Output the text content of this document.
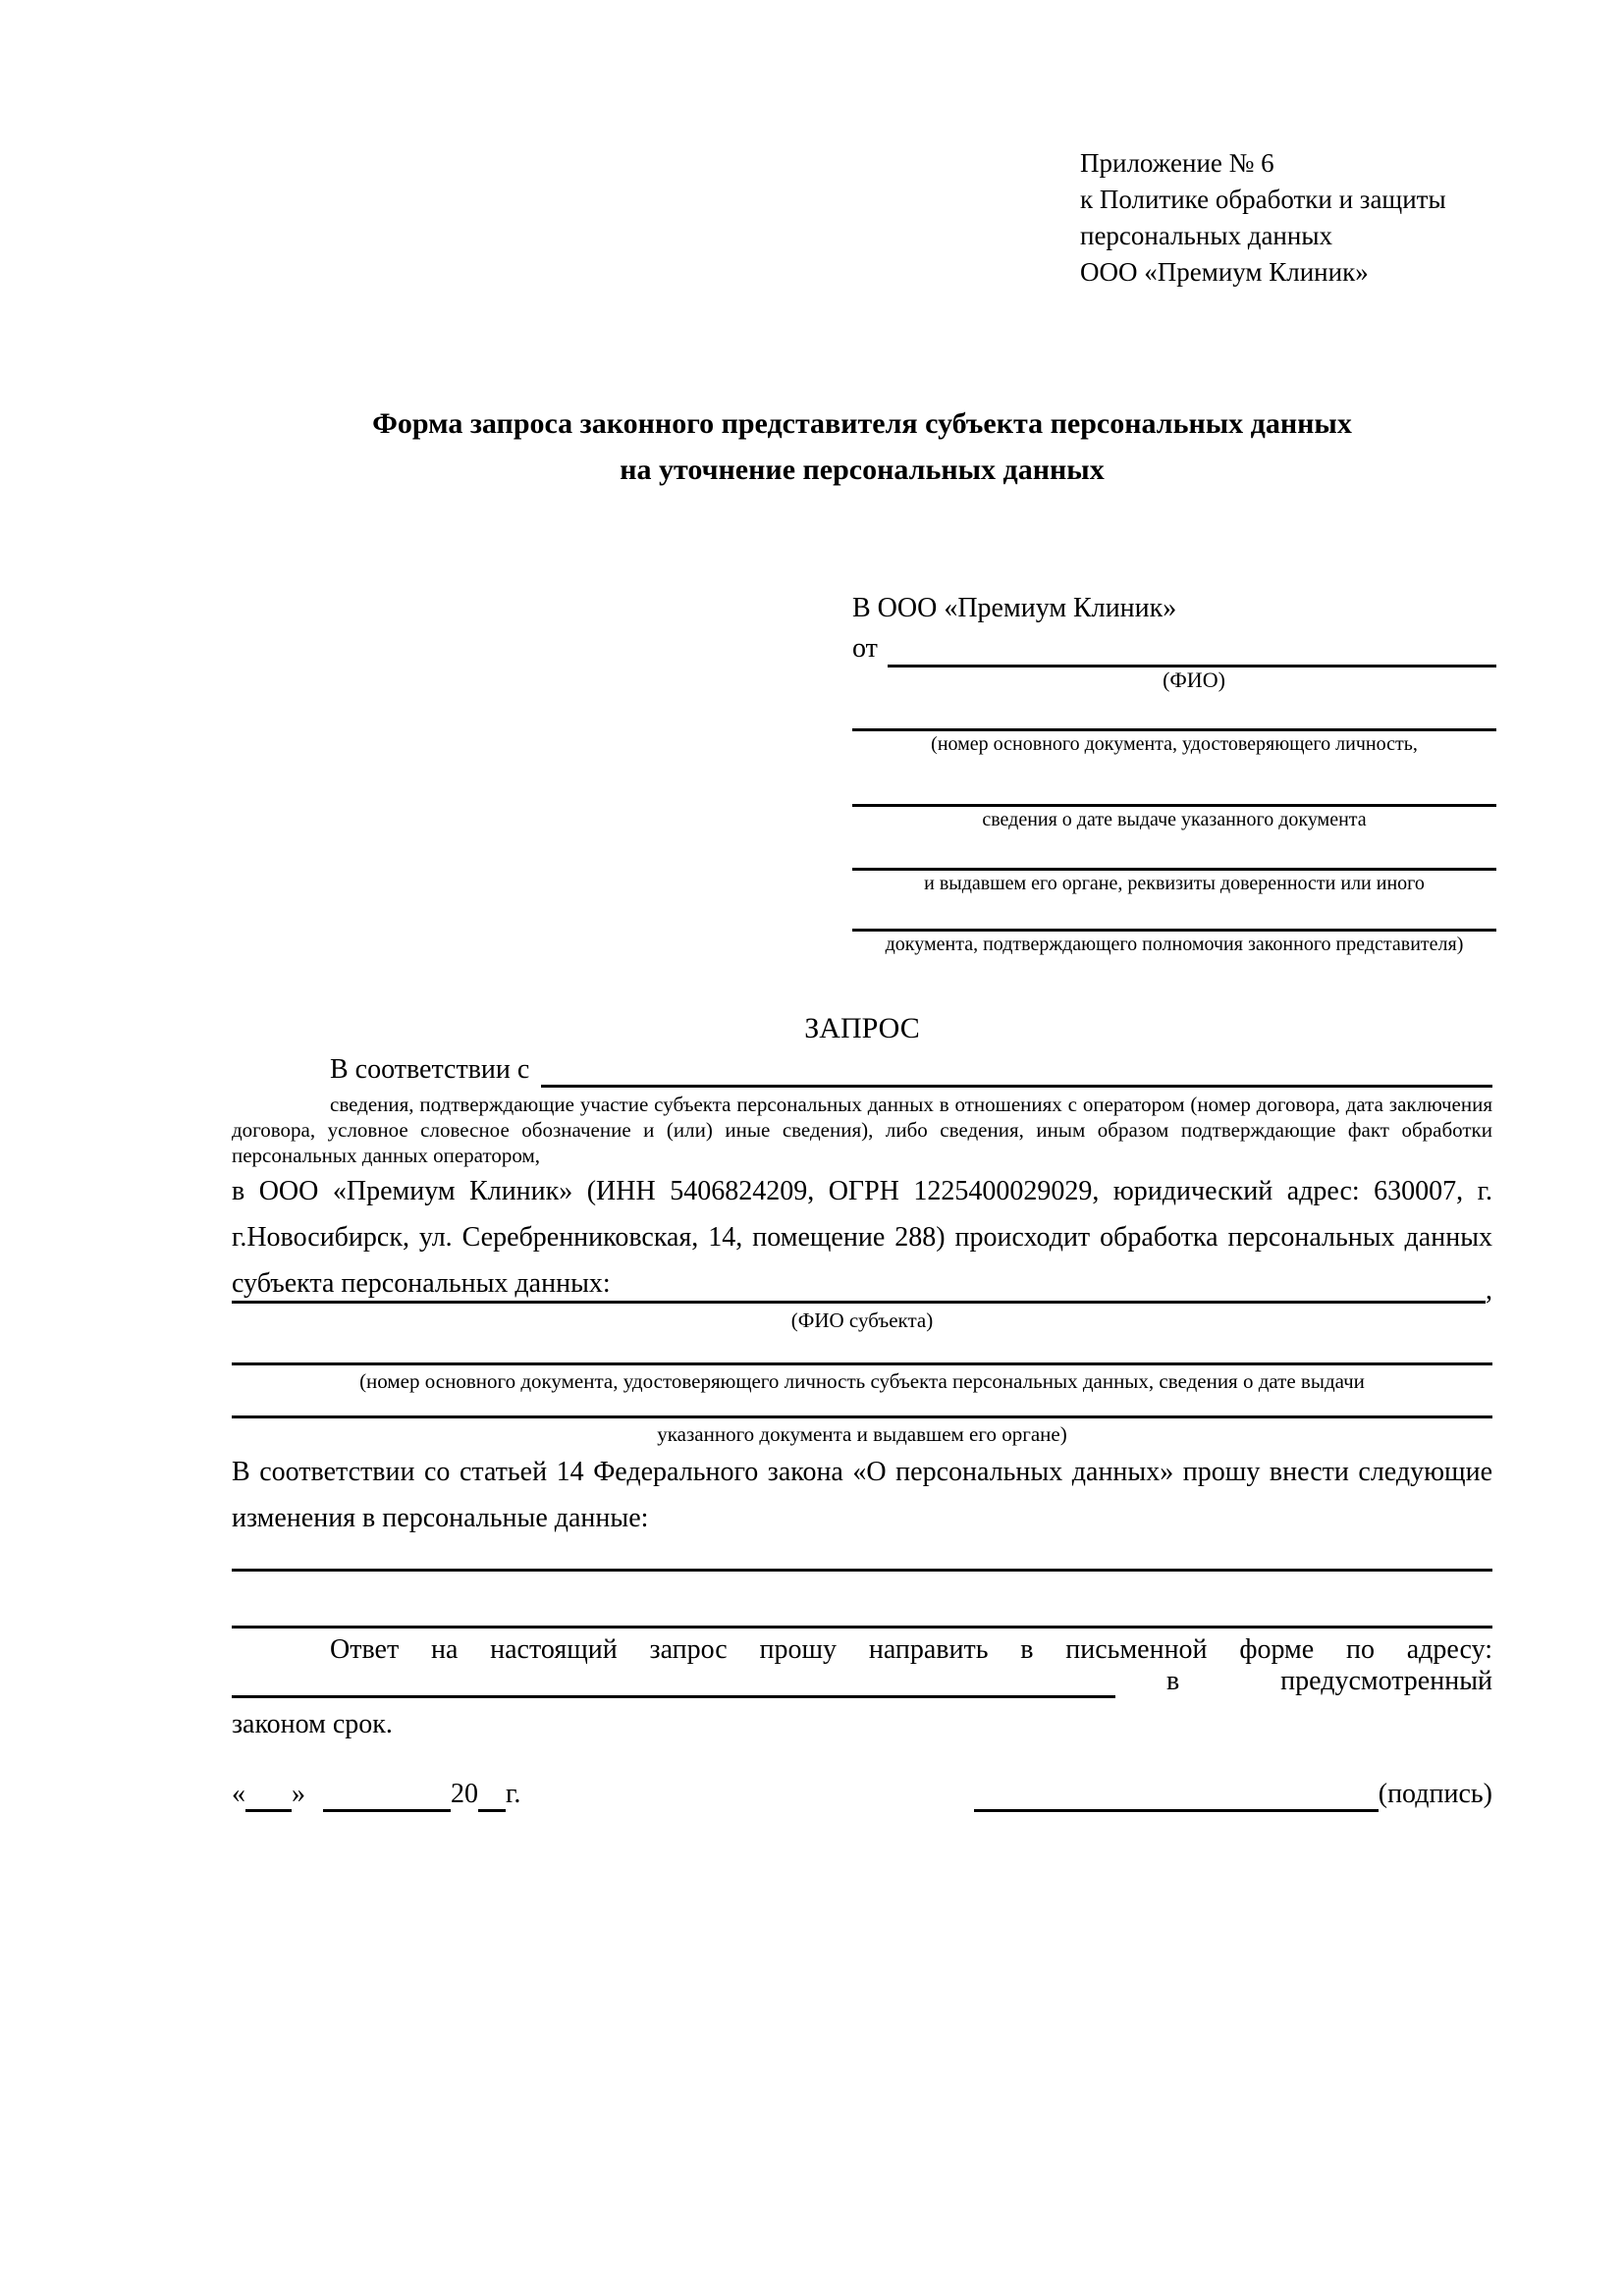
Приложение № 6
к Политике обработки и защиты
персональных данных
ООО «Премиум Клиник»
Форма запроса законного представителя субъекта персональных данных
на уточнение персональных данных
В ООО «Премиум Клиник»
от
(ФИО)
(номер основного документа, удостоверяющего личность,
сведения о дате выдаче указанного документа
и выдавшем его органе, реквизиты доверенности или иного
документа, подтверждающего полномочия законного представителя)
ЗАПРОС
В соответствии с
сведения, подтверждающие участие субъекта персональных данных в отношениях с оператором (номер договора, дата заключения договора, условное словесное обозначение и (или) иные сведения), либо сведения, иным образом подтверждающие факт обработки персональных данных оператором,
в ООО «Премиум Клиник» (ИНН 5406824209, ОГРН 1225400029029, юридический адрес: 630007, г. г.Новосибирск, ул. Серебренниковская, 14, помещение 288) происходит обработка персональных данных субъекта персональных данных:	,
(ФИО субъекта)
(номер основного документа, удостоверяющего личность субъекта персональных данных, сведения о дате выдачи
указанного документа и выдавшем его органе)
В соответствии со статьей 14 Федерального закона «О персональных данных» прошу внести следующие изменения в персональные данные:
Ответ на настоящий запрос прошу направить в письменной форме по адресу:
в	предусмотренный
законом срок.
« »	20 г.	(подпись)
